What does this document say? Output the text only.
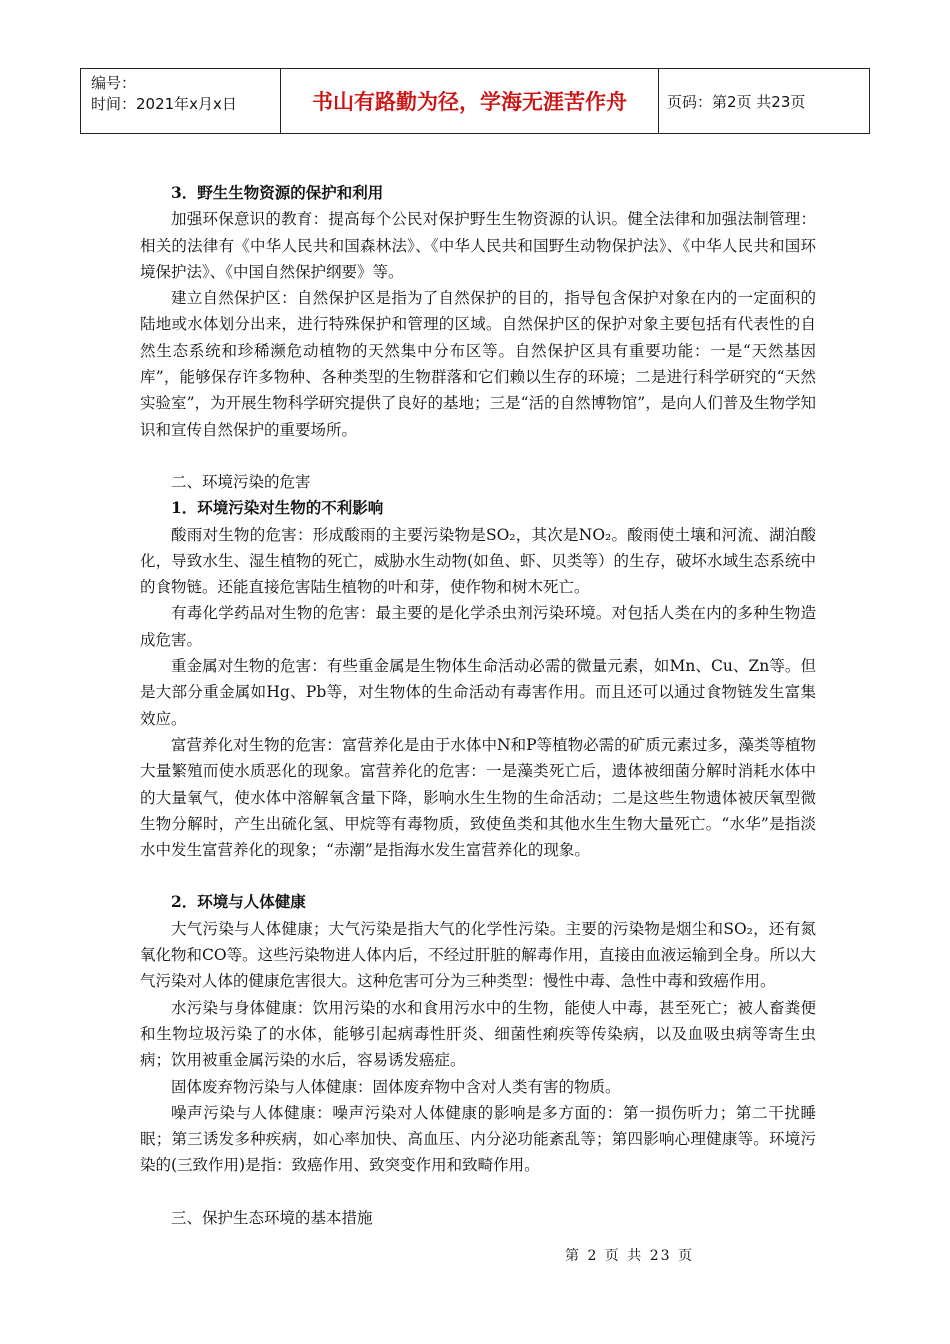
编号：
时间：2021年x月x日	书山有路勤为径，学海无涯苦作舟	页码：第2页 共23页

3．野生生物资源的保护和利用

加强环保意识的教育：提高每个公民对保护野生生物资源的认识。健全法律和加强法制管理：相关的法律有《中华人民共和国森林法》、《中华人民共和国野生动物保护法》、《中华人民共和国环境保护法》、《中国自然保护纲要》等。

建立自然保护区：自然保护区是指为了自然保护的目的，指导包含保护对象在内的一定面积的陆地或水体划分出来，进行特殊保护和管理的区域。自然保护区的保护对象主要包括有代表性的自然生态系统和珍稀濒危动植物的天然集中分布区等。自然保护区具有重要功能：一是“天然基因库”，能够保存许多物种、各种类型的生物群落和它们赖以生存的环境；二是进行科学研究的“天然实验室”，为开展生物科学研究提供了良好的基地；三是“活的自然博物馆”，是向人们普及生物学知识和宣传自然保护的重要场所。

二、环境污染的危害

1．环境污染对生物的不利影响

酸雨对生物的危害：形成酸雨的主要污染物是SO₂，其次是NO₂。酸雨使土壤和河流、湖泊酸化，导致水生、湿生植物的死亡，威胁水生动物(如鱼、虾、贝类等）的生存，破坏水域生态系统中的食物链。还能直接危害陆生植物的叶和芽，使作物和树木死亡。

有毒化学药品对生物的危害：最主要的是化学杀虫剂污染环境。对包括人类在内的多种生物造成危害。

重金属对生物的危害：有些重金属是生物体生命活动必需的微量元素，如Mn、Cu、Zn等。但是大部分重金属如Hg、Pb等，对生物体的生命活动有毒害作用。而且还可以通过食物链发生富集效应。

富营养化对生物的危害：富营养化是由于水体中N和P等植物必需的矿质元素过多，藻类等植物大量繁殖而使水质恶化的现象。富营养化的危害：一是藻类死亡后，遗体被细菌分解时消耗水体中的大量氧气，使水体中溶解氧含量下降，影响水生生物的生命活动；二是这些生物遗体被厌氧型微生物分解时，产生出硫化氢、甲烷等有毒物质，致使鱼类和其他水生生物大量死亡。“水华”是指淡水中发生富营养化的现象；“赤潮”是指海水发生富营养化的现象。

2．环境与人体健康

大气污染与人体健康；大气污染是指大气的化学性污染。主要的污染物是烟尘和SO₂，还有氮氧化物和CO等。这些污染物进人体内后，不经过肝脏的解毒作用，直接由血液运输到全身。所以大气污染对人体的健康危害很大。这种危害可分为三种类型：慢性中毒、急性中毒和致癌作用。

水污染与身体健康：饮用污染的水和食用污水中的生物，能使人中毒，甚至死亡；被人畜粪便和生物垃圾污染了的水体，能够引起病毒性肝炎、细菌性痢疾等传染病，以及血吸虫病等寄生虫病；饮用被重金属污染的水后，容易诱发癌症。

固体废弃物污染与人体健康：固体废弃物中含对人类有害的物质。

噪声污染与人体健康：噪声污染对人体健康的影响是多方面的：第一损伤听力；第二干扰睡眠；第三诱发多种疾病，如心率加快、高血压、内分泌功能紊乱等；第四影响心理健康等。环境污染的(三致作用)是指：致癌作用、致突变作用和致畸作用。

三、保护生态环境的基本措施

第 2 页 共 23 页
